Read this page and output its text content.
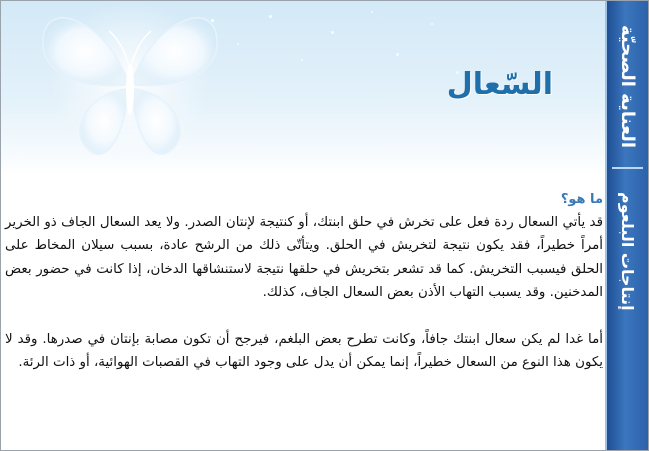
السّعال	العناية الصحيّة
إنتاجات البلعوم

ما هو؟

قد يأتي السعال ردة فعل على تخرش في حلق ابنتك، أو كنتيجة لإنتان الصدر. ولا يعد السعال الجاف ذو الخرير أمراً خطيراً، فقد يكون نتيجة لتخريش في الحلق. ويتأتّى ذلك من الرشح عادة، بسبب سيلان المخاط على الحلق فيسبب التخريش. كما قد تشعر بتخريش في حلقها نتيجة لاستنشاقها الدخان، إذا كانت في حضور بعض المدخنين. وقد يسبب التهاب الأذن بعض السعال الجاف، كذلك.

أما غدا لم يكن سعال ابنتك جافاً، وكانت تطرح بعض البلغم، فيرجح أن تكون مصابة بإنتان في صدرها. وقد لا يكون هذا النوع من السعال خطيراً، إنما يمكن أن يدل على وجود التهاب في القصبات الهوائية، أو ذات الرئة.
